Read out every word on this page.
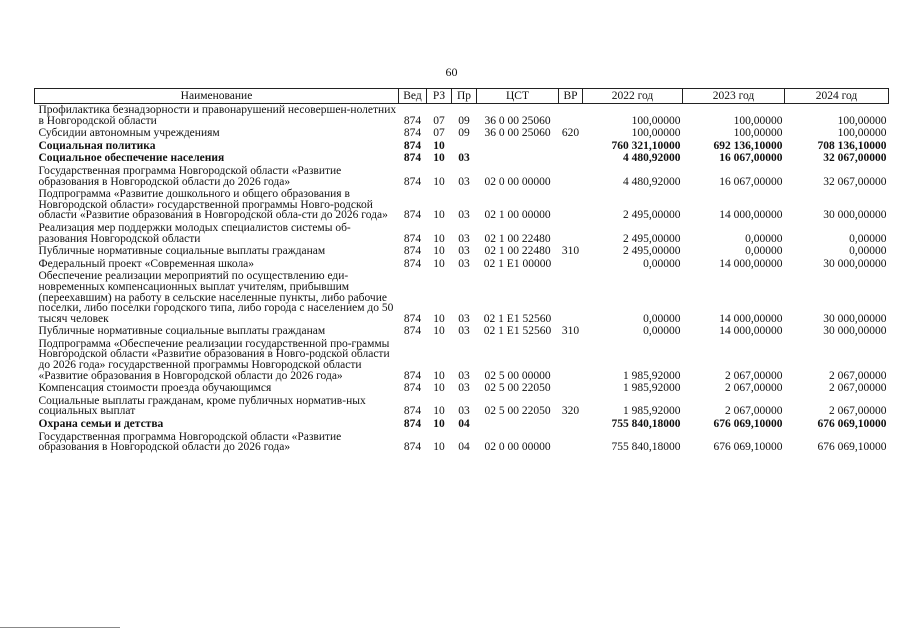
60
Наименование	Вед	РЗ	Пр	ЦСТ	ВР	2022 год	2023 год	2024 год
Профилактика безнадзорности и правонарушений несовершен-нолетних в Новгородской области	874	07	09	36 0 00 25060		100,00000	100,00000	100,00000
Субсидии автономным учреждениям	874	07	09	36 0 00 25060	620	100,00000	100,00000	100,00000
Социальная политика	874	10				760 321,10000	692 136,10000	708 136,10000
Социальное обеспечение населения	874	10	03			4 480,92000	16 067,00000	32 067,00000
Государственная программа Новгородской области «Развитие образования в Новгородской области до 2026 года»	874	10	03	02 0 00 00000		4 480,92000	16 067,00000	32 067,00000
Подпрограмма «Развитие дошкольного и общего образования в Новгородской области» государственной программы Новго-родской области «Развитие образования в Новгородской обла-сти до 2026 года»	874	10	03	02 1 00 00000		2 495,00000	14 000,00000	30 000,00000
Реализация мер поддержки молодых специалистов системы об-разования Новгородской области	874	10	03	02 1 00 22480		2 495,00000	0,00000	0,00000
Публичные нормативные социальные выплаты гражданам	874	10	03	02 1 00 22480	310	2 495,00000	0,00000	0,00000
Федеральный проект «Современная школа»	874	10	03	02 1 E1 00000		0,00000	14 000,00000	30 000,00000
Обеспечение реализации мероприятий по осуществлению еди-новременных компенсационных выплат учителям, прибывшим (переехавшим) на работу в сельские населенные пункты, либо рабочие поселки, либо поселки городского типа, либо города с населением до 50 тысяч человек	874	10	03	02 1 E1 52560		0,00000	14 000,00000	30 000,00000
Публичные нормативные социальные выплаты гражданам	874	10	03	02 1 E1 52560	310	0,00000	14 000,00000	30 000,00000
Подпрограмма «Обеспечение реализации государственной про-граммы Новгородской области «Развитие образования в Новго-родской области до 2026 года» государственной программы Новгородской области «Развитие образования в Новгородской области до 2026 года»	874	10	03	02 5 00 00000		1 985,92000	2 067,00000	2 067,00000
Компенсация стоимости проезда обучающимся	874	10	03	02 5 00 22050		1 985,92000	2 067,00000	2 067,00000
Социальные выплаты гражданам, кроме публичных норматив-ных социальных выплат	874	10	03	02 5 00 22050	320	1 985,92000	2 067,00000	2 067,00000
Охрана семьи и детства	874	10	04			755 840,18000	676 069,10000	676 069,10000
Государственная программа Новгородской области «Развитие образования в Новгородской области до 2026 года»	874	10	04	02 0 00 00000		755 840,18000	676 069,10000	676 069,10000
